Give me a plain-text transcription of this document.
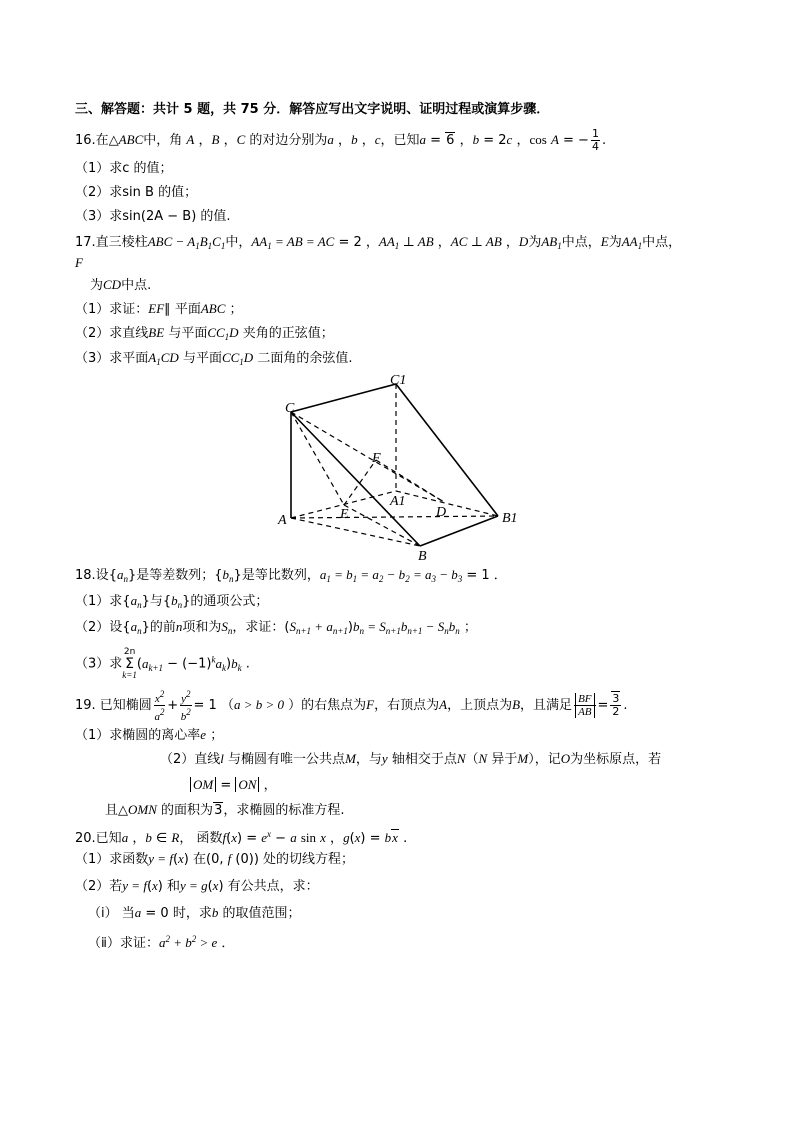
三、解答题：共计 5 题，共 75 分．解答应写出文字说明、证明过程或演算步骤．
16.在△ABC中，角 A ，B ，C 的对边分别为a ，b ，c，已知a = 6 ，b = 2c ，cos A = − $\frac{1}{4}$ .
（1）求c 的值；
（2）求sin B 的值；
（3）求sin(2A − B) 的值.
17.直三棱柱ABC − $A_1B_1C_1$中，$AA_1$ = AB = AC = 2 ，$AA_1$ ⊥ AB ，AC ⊥ AB ，D为$AB_1$中点，E为$AA_1$中点，
F
为CD中点.
（1）求证：EF∥ 平面ABC ；
（2）求直线BE 与平面$CC_1D$ 夹角的正弦值；
（3）求平面$A_1CD$ 与平面$CC_1D$ 二面角的余弦值.
C
C1
F
A1
D	B1
A	E
B
18.设$\{a_n\}$是等差数列；$\{b_n\}$是等比数列，$a_1 = b_1 = a_2 - b_2 = a_3 - b_3 = 1$ ．
（1）求$\{a_n\}$与$\{b_n\}$的通项公式；
（2）设$\{a_n\}$的前n项和为$S_n$，求证：$(S_{n+1} + a_{n+1})b_n = S_{n+1}b_{n+1} - S_nb_n$ ；
（3）求
2n
Σ
k=1
$(a_{k+1} - (-1)^ka_k)b_k$ .
19. 已知椭圆 $\frac{x^2}{a^2} + \frac{y^2}{b^2} = 1$ （a > b > 0 ）的右焦点为F，右顶点为A，上顶点为B，且满足 $\frac{BF}{AB} = \frac{3}{2}$ .
（1）求椭圆的离心率e ；
（2）直线l 与椭圆有唯一公共点M，与y 轴相交于点N（N 异于M），记O为坐标原点，若
OM = ON ，
且△OMN 的面积为3，求椭圆的标准方程.
20.已知a ，b ∈ R， 函数$f(x) = e^x - a$ sin x ，g(x) = bx .
（1）求函数y = f(x) 在(0, f (0)) 处的切线方程；
（2）若y = f(x) 和y = g(x) 有公共点，求：
（ⅰ） 当a = 0 时，求b 的取值范围；
（ⅱ）求证：$a^2 + b^2 > e$ ．
